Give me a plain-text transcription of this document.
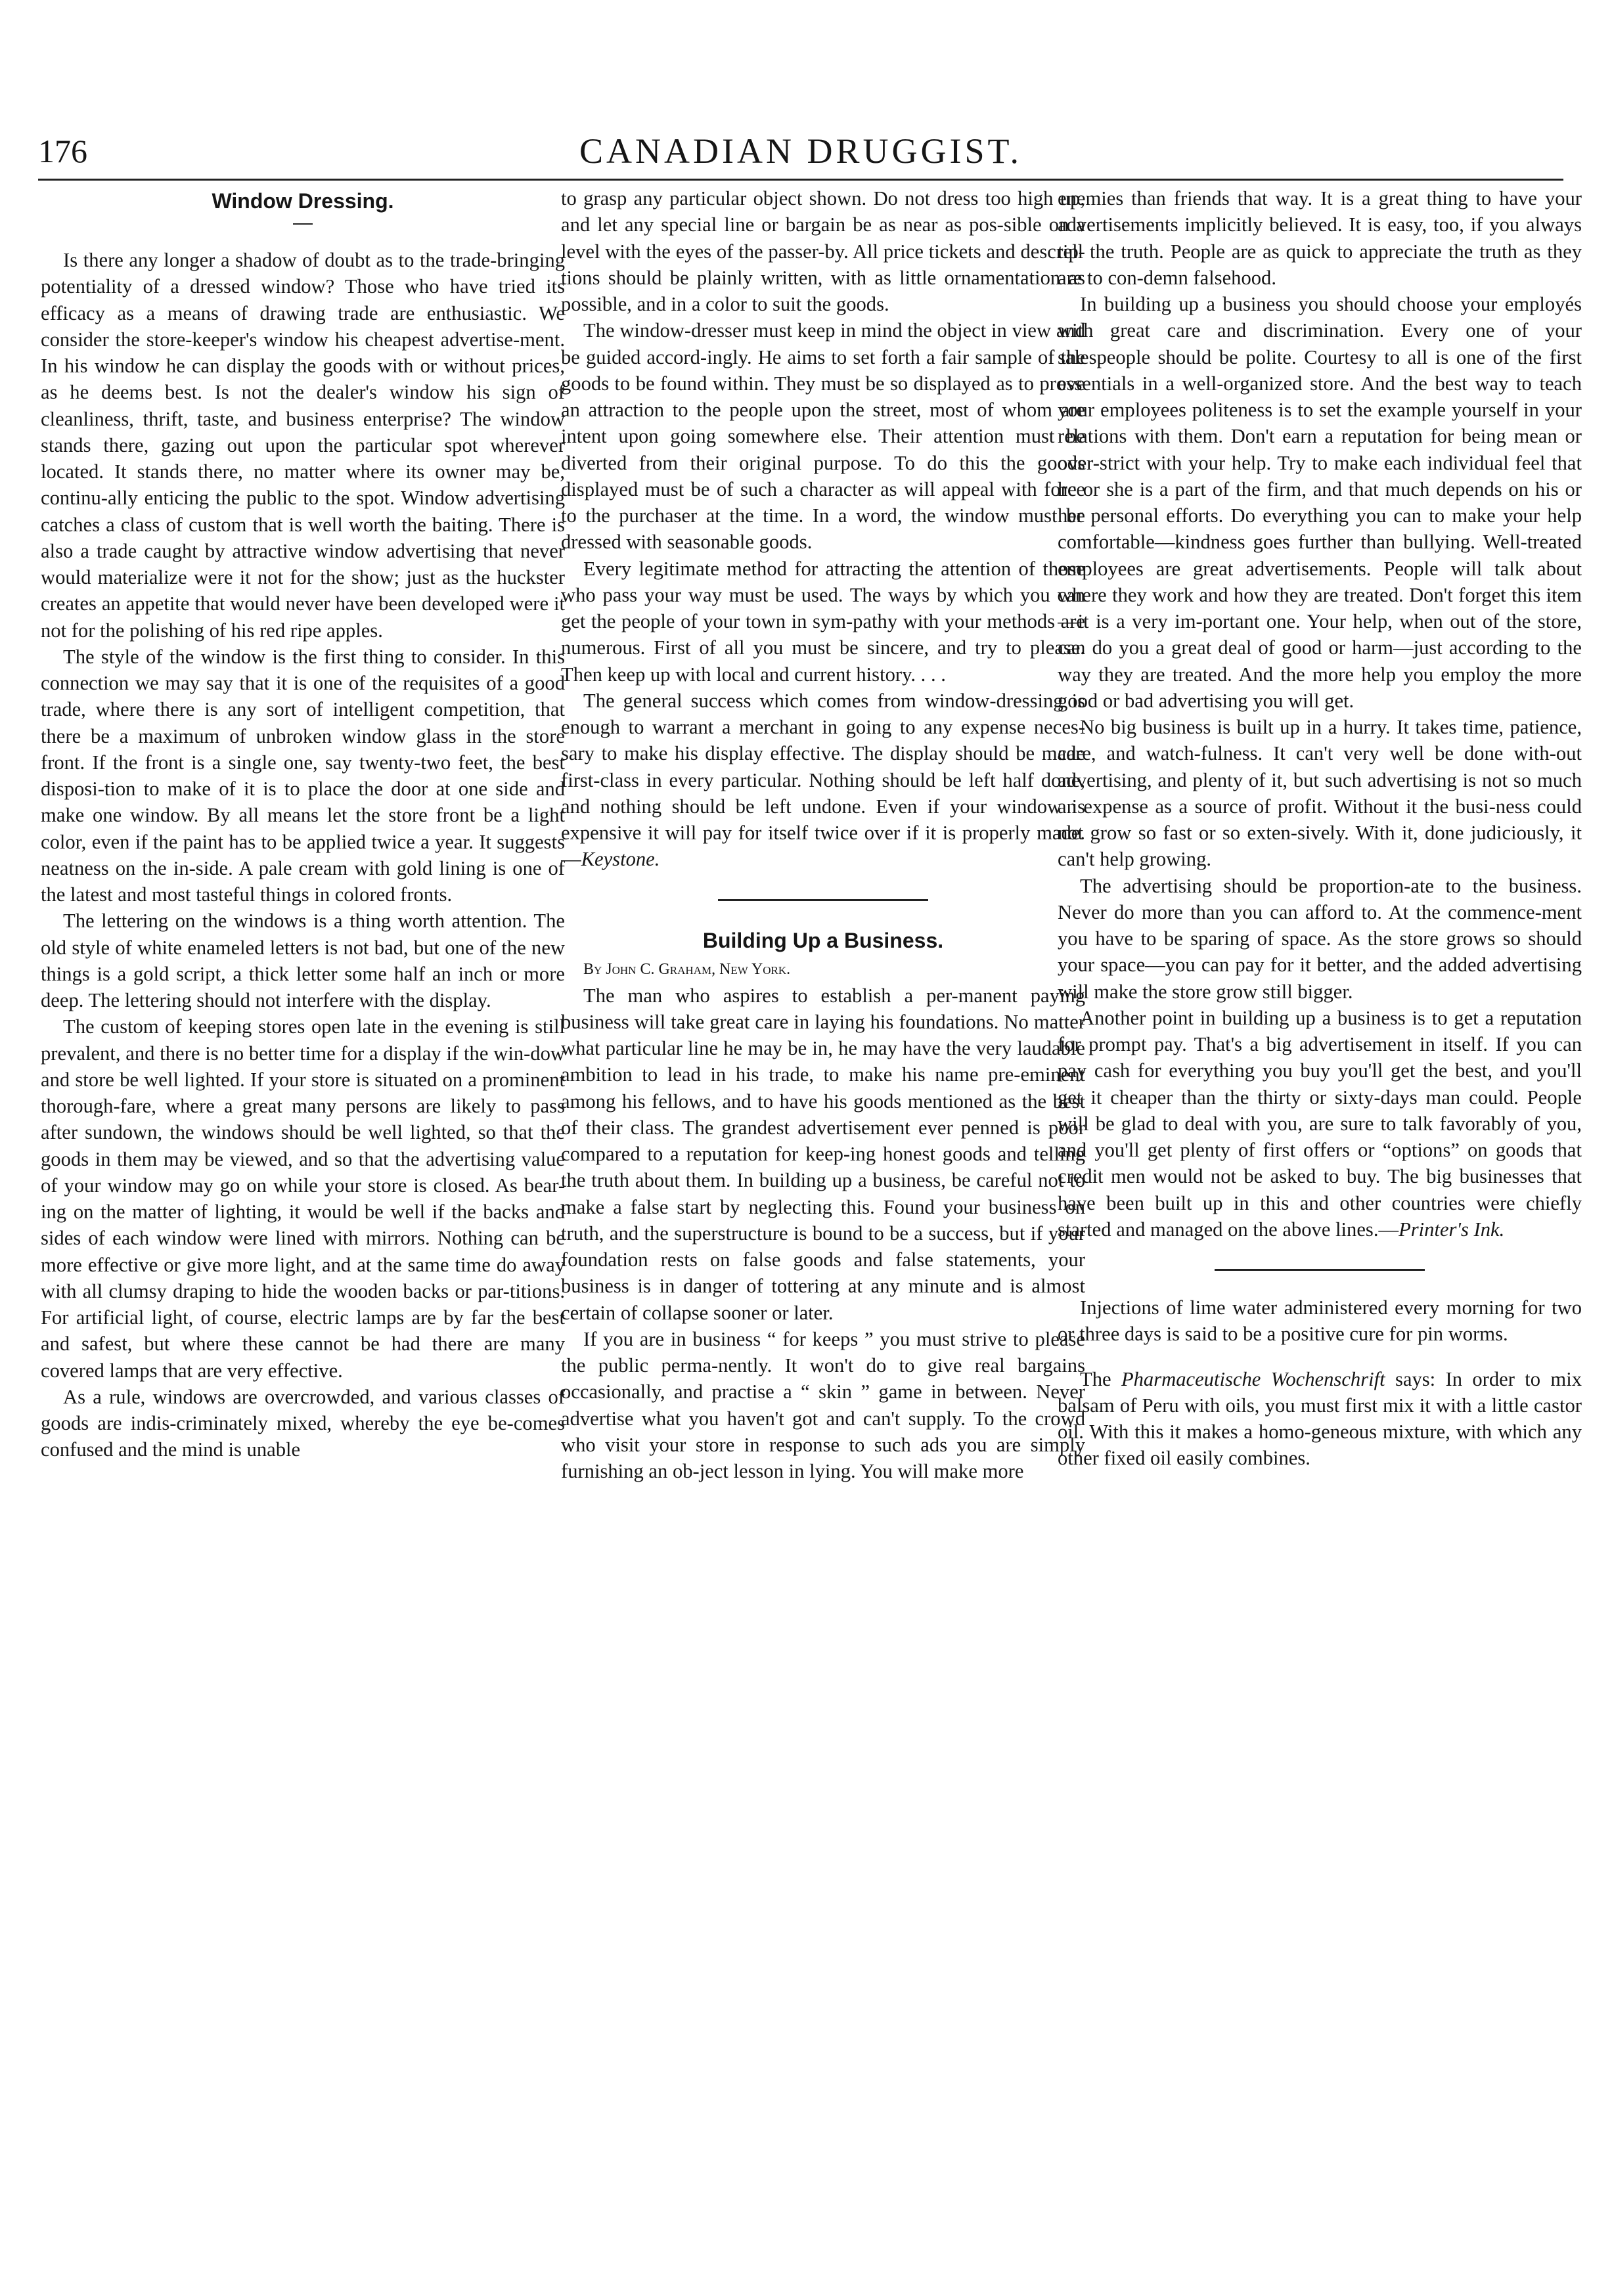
176	CANADIAN DRUGGIST.
Window Dressing.

Is there any longer a shadow of doubt as to the trade-bringing potentiality of a dressed window? Those who have tried its efficacy as a means of drawing trade are enthusiastic. We consider the store-keeper's window his cheapest advertise-ment. In his window he can display the goods with or without prices, as he deems best. Is not the dealer's window his sign of cleanliness, thrift, taste, and business enterprise? The window stands there, gazing out upon the particular spot wherever located. It stands there, no matter where its owner may be, continu-ally enticing the public to the spot. Window advertising catches a class of custom that is well worth the baiting. There is also a trade caught by attractive window advertising that never would materialize were it not for the show; just as the huckster creates an appetite that would never have been developed were it not for the polishing of his red ripe apples.

The style of the window is the first thing to consider. In this connection we may say that it is one of the requisites of a good trade, where there is any sort of intelligent competition, that there be a maximum of unbroken window glass in the store front. If the front is a single one, say twenty-two feet, the best disposi-tion to make of it is to place the door at one side and make one window. By all means let the store front be a light color, even if the paint has to be applied twice a year. It suggests neatness on the in-side. A pale cream with gold lining is one of the latest and most tasteful things in colored fronts.

The lettering on the windows is a thing worth attention. The old style of white enameled letters is not bad, but one of the new things is a gold script, a thick letter some half an inch or more deep. The lettering should not interfere with the display.

The custom of keeping stores open late in the evening is still prevalent, and there is no better time for a display if the win-dow and store be well lighted. If your store is situated on a prominent thorough-fare, where a great many persons are likely to pass after sundown, the windows should be well lighted, so that the goods in them may be viewed, and so that the advertising value of your window may go on while your store is closed. As bear-ing on the matter of lighting, it would be well if the backs and sides of each window were lined with mirrors. Nothing can be more effective or give more light, and at the same time do away with all clumsy draping to hide the wooden backs or par-titions. For artificial light, of course, electric lamps are by far the best and safest, but where these cannot be had there are many covered lamps that are very effective.

As a rule, windows are overcrowded, and various classes of goods are indis-criminately mixed, whereby the eye be-comes confused and the mind is unable

to grasp any particular object shown. Do not dress too high up, and let any special line or bargain be as near as pos-sible on a level with the eyes of the passer-by. All price tickets and descrip-tions should be plainly written, with as little ornamentation as possible, and in a color to suit the goods.

The window-dresser must keep in mind the object in view and be guided accord-ingly. He aims to set forth a fair sample of the goods to be found within. They must be so displayed as to prove an attraction to the people upon the street, most of whom are intent upon going somewhere else. Their attention must be diverted from their original purpose. To do this the goods displayed must be of such a character as will appeal with force to the purchaser at the time. In a word, the window must be dressed with seasonable goods.

Every legitimate method for attracting the attention of those who pass your way must be used. The ways by which you can get the people of your town in sym-pathy with your methods are numerous. First of all you must be sincere, and try to please. Then keep up with local and current history. . . .

The general success which comes from window-dressing is enough to warrant a merchant in going to any expense neces-sary to make his display effective. The display should be made first-class in every particular. Nothing should be left half done, and nothing should be left undone. Even if your window is expensive it will pay for itself twice over if it is properly made.—Keystone.

Building Up a Business.

By John C. Graham, New York.

The man who aspires to establish a per-manent paying business will take great care in laying his foundations. No matter what particular line he may be in, he may have the very laudable ambition to lead in his trade, to make his name pre-eminent among his fellows, and to have his goods mentioned as the best of their class. The grandest advertisement ever penned is poor compared to a reputation for keep-ing honest goods and telling the truth about them. In building up a business, be careful not to make a false start by neglecting this. Found your business on truth, and the superstructure is bound to be a success, but if your foundation rests on false goods and false statements, your business is in danger of tottering at any minute and is almost certain of collapse sooner or later.

If you are in business “ for keeps ” you must strive to please the public perma-nently. It won't do to give real bargains occasionally, and practise a “ skin ” game in between. Never advertise what you haven't got and can't supply. To the crowd who visit your store in response to such ads you are simply furnishing an ob-ject lesson in lying. You will make more

enemies than friends that way. It is a great thing to have your advertisements implicitly believed. It is easy, too, if you always tell the truth. People are as quick to appreciate the truth as they are to con-demn falsehood.

In building up a business you should choose your employés with great care and discrimination. Every one of your salespeople should be polite. Courtesy to all is one of the first essentials in a well-organized store. And the best way to teach your employees politeness is to set the example yourself in your relations with them. Don't earn a reputation for being mean or over-strict with your help. Try to make each individual feel that he or she is a part of the firm, and that much depends on his or her personal efforts. Do everything you can to make your help comfortable—kindness goes further than bullying. Well-treated employees are great advertisements. People will talk about where they work and how they are treated. Don't forget this item—it is a very im-portant one. Your help, when out of the store, can do you a great deal of good or harm—just according to the way they are treated. And the more help you employ the more good or bad advertising you will get.

No big business is built up in a hurry. It takes time, patience, care, and watch-fulness. It can't very well be done with-out advertising, and plenty of it, but such advertising is not so much an expense as a source of profit. Without it the busi-ness could not grow so fast or so exten-sively. With it, done judiciously, it can't help growing.

The advertising should be proportion-ate to the business. Never do more than you can afford to. At the commence-ment you have to be sparing of space. As the store grows so should your space—you can pay for it better, and the added advertising will make the store grow still bigger.

Another point in building up a business is to get a reputation for prompt pay. That's a big advertisement in itself. If you can pay cash for everything you buy you'll get the best, and you'll get it cheaper than the thirty or sixty-days man could. People will be glad to deal with you, are sure to talk favorably of you, and you'll get plenty of first offers or “options” on goods that credit men would not be asked to buy. The big businesses that have been built up in this and other countries were chiefly started and managed on the above lines.—Printer's Ink.

Injections of lime water administered every morning for two or three days is said to be a positive cure for pin worms.

The Pharmaceutische Wochenschrift says: In order to mix balsam of Peru with oils, you must first mix it with a little castor oil. With this it makes a homo-geneous mixture, with which any other fixed oil easily combines.
